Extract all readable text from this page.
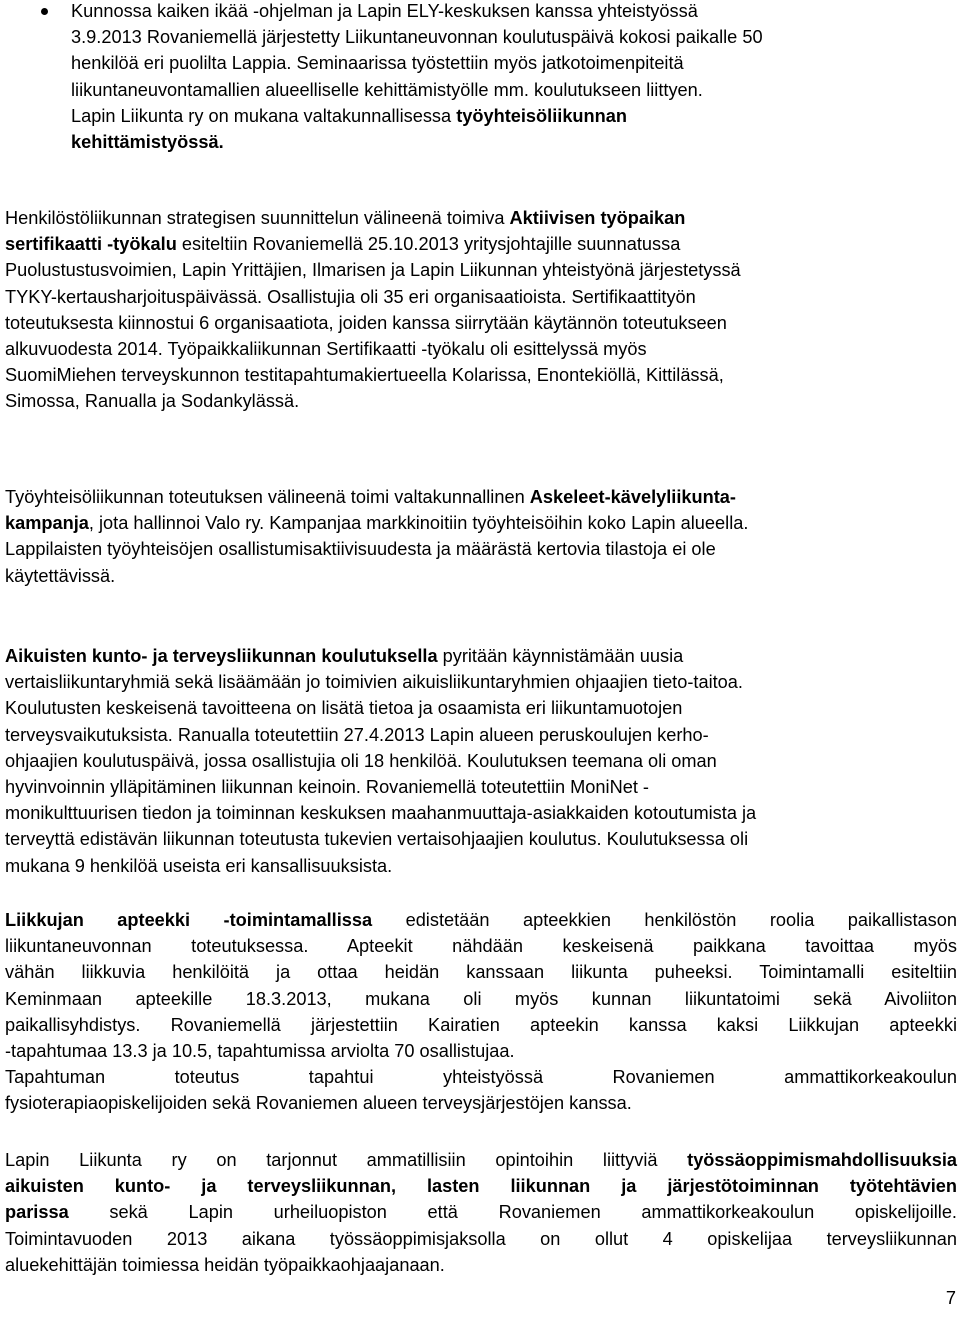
Kunnossa kaiken ikää -ohjelman ja Lapin ELY-keskuksen kanssa yhteistyössä
3.9.2013 Rovaniemellä järjestetty Liikuntaneuvonnan koulutuspäivä kokosi paikalle 50
henkilöä eri puolilta Lappia. Seminaarissa työstettiin myös jatkotoimenpiteitä
liikuntaneuvontamallien alueelliselle kehittämistyölle mm. koulutukseen liittyen.
Lapin Liikunta ry on mukana valtakunnallisessa työyhteisöliikunnan
kehittämistyössä.
Henkilöstöliikunnan strategisen suunnittelun välineenä toimiva Aktiivisen työpaikan
sertifikaatti -työkalu esiteltiin Rovaniemellä 25.10.2013 yritysjohtajille suunnatussa
Puolustustusvoimien, Lapin Yrittäjien, Ilmarisen ja Lapin Liikunnan yhteistyönä järjestetyssä
TYKY-kertausharjoituspäivässä. Osallistujia oli 35 eri organisaatioista. Sertifikaattityön
toteutuksesta kiinnostui 6 organisaatiota, joiden kanssa siirrytään käytännön toteutukseen
alkuvuodesta 2014. Työpaikkaliikunnan Sertifikaatti -työkalu oli esittelyssä myös
SuomiMiehen terveyskunnon testitapahtumakiertueella Kolarissa, Enontekiöllä, Kittilässä,
Simossa, Ranualla ja Sodankylässä.
Työyhteisöliikunnan toteutuksen välineenä toimi valtakunnallinen Askeleet-kävelyliikunta-
kampanja, jota hallinnoi Valo ry. Kampanjaa markkinoitiin työyhteisöihin koko Lapin alueella.
Lappilaisten työyhteisöjen osallistumisaktiivisuudesta ja määrästä kertovia tilastoja ei ole
käytettävissä.
Aikuisten kunto- ja terveysliikunnan koulutuksella pyritään käynnistämään uusia
vertaisliikuntaryhmiä sekä lisäämään jo toimivien aikuisliikuntaryhmien ohjaajien tieto-taitoa.
Koulutusten keskeisenä tavoitteena on lisätä tietoa ja osaamista eri liikuntamuotojen
terveysvaikutuksista. Ranualla toteutettiin 27.4.2013 Lapin alueen peruskoulujen kerho-
ohjaajien koulutuspäivä, jossa osallistujia oli 18 henkilöä. Koulutuksen teemana oli oman
hyvinvoinnin ylläpitäminen liikunnan keinoin. Rovaniemellä toteutettiin MoniNet -
monikulttuurisen tiedon ja toiminnan keskuksen maahanmuuttaja-asiakkaiden kotoutumista ja
terveyttä edistävän liikunnan toteutusta tukevien vertaisohjaajien koulutus. Koulutuksessa oli
mukana 9 henkilöä useista eri kansallisuuksista.
Liikkujan apteekki -toimintamallissa edistetään apteekkien henkilöstön roolia paikallistason
liikuntaneuvonnan toteutuksessa. Apteekit nähdään keskeisenä paikkana tavoittaa myös
vähän liikkuvia henkilöitä ja ottaa heidän kanssaan liikunta puheeksi. Toimintamalli esiteltiin
Keminmaan apteekille 18.3.2013, mukana oli myös kunnan liikuntatoimi sekä Aivoliiton
paikallisyhdistys. Rovaniemellä järjestettiin Kairatien apteekin kanssa kaksi Liikkujan apteekki
-tapahtumaa 13.3 ja 10.5, tapahtumissa arviolta 70 osallistujaa.
Tapahtuman toteutus tapahtui yhteistyössä Rovaniemen ammattikorkeakoulun
fysioterapiaopiskelijoiden sekä Rovaniemen alueen terveysjärjestöjen kanssa.
Lapin Liikunta ry on tarjonnut ammatillisiin opintoihin liittyviä työssäoppimismahdollisuuksia
aikuisten kunto- ja terveysliikunnan, lasten liikunnan ja järjestötoiminnan työtehtävien
parissa sekä Lapin urheiluopiston että Rovaniemen ammattikorkeakoulun opiskelijoille.
Toimintavuoden 2013 aikana työssäoppimisjaksolla on ollut 4 opiskelijaa terveysliikunnan
aluekehittäjän toimiessa heidän työpaikkaohjaajanaan.
7
